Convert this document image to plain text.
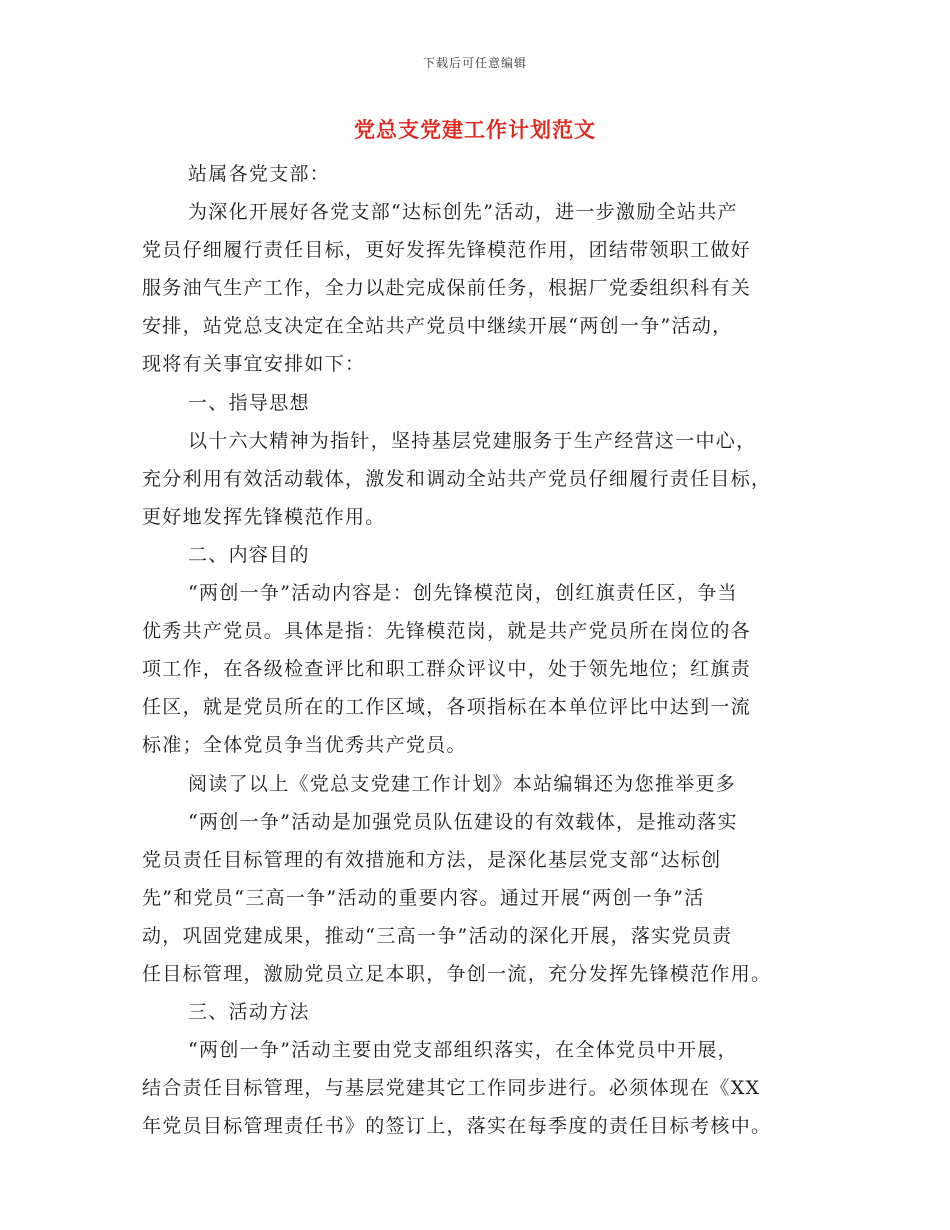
下载后可任意编辑
党总支党建工作计划范文
站属各党支部：
为深化开展好各党支部“达标创先”活动，进一步激励全站共产
党员仔细履行责任目标，更好发挥先锋模范作用，团结带领职工做好
服务油气生产工作，全力以赴完成保前任务，根据厂党委组织科有关
安排，站党总支决定在全站共产党员中继续开展“两创一争”活动，
现将有关事宜安排如下：
一、指导思想
以十六大精神为指针，坚持基层党建服务于生产经营这一中心，
充分利用有效活动载体，激发和调动全站共产党员仔细履行责任目标，
更好地发挥先锋模范作用。
二、内容目的
“两创一争”活动内容是：创先锋模范岗，创红旗责任区，争当
优秀共产党员。具体是指：先锋模范岗，就是共产党员所在岗位的各
项工作，在各级检查评比和职工群众评议中，处于领先地位；红旗责
任区，就是党员所在的工作区域，各项指标在本单位评比中达到一流
标准；全体党员争当优秀共产党员。
阅读了以上《党总支党建工作计划》本站编辑还为您推举更多
“两创一争”活动是加强党员队伍建设的有效载体，是推动落实
党员责任目标管理的有效措施和方法，是深化基层党支部“达标创
先”和党员“三高一争”活动的重要内容。通过开展“两创一争”活
动，巩固党建成果，推动“三高一争”活动的深化开展，落实党员责
任目标管理，激励党员立足本职，争创一流，充分发挥先锋模范作用。
三、活动方法
“两创一争”活动主要由党支部组织落实，在全体党员中开展，
结合责任目标管理，与基层党建其它工作同步进行。必须体现在《XX
年党员目标管理责任书》的签订上，落实在每季度的责任目标考核中。
